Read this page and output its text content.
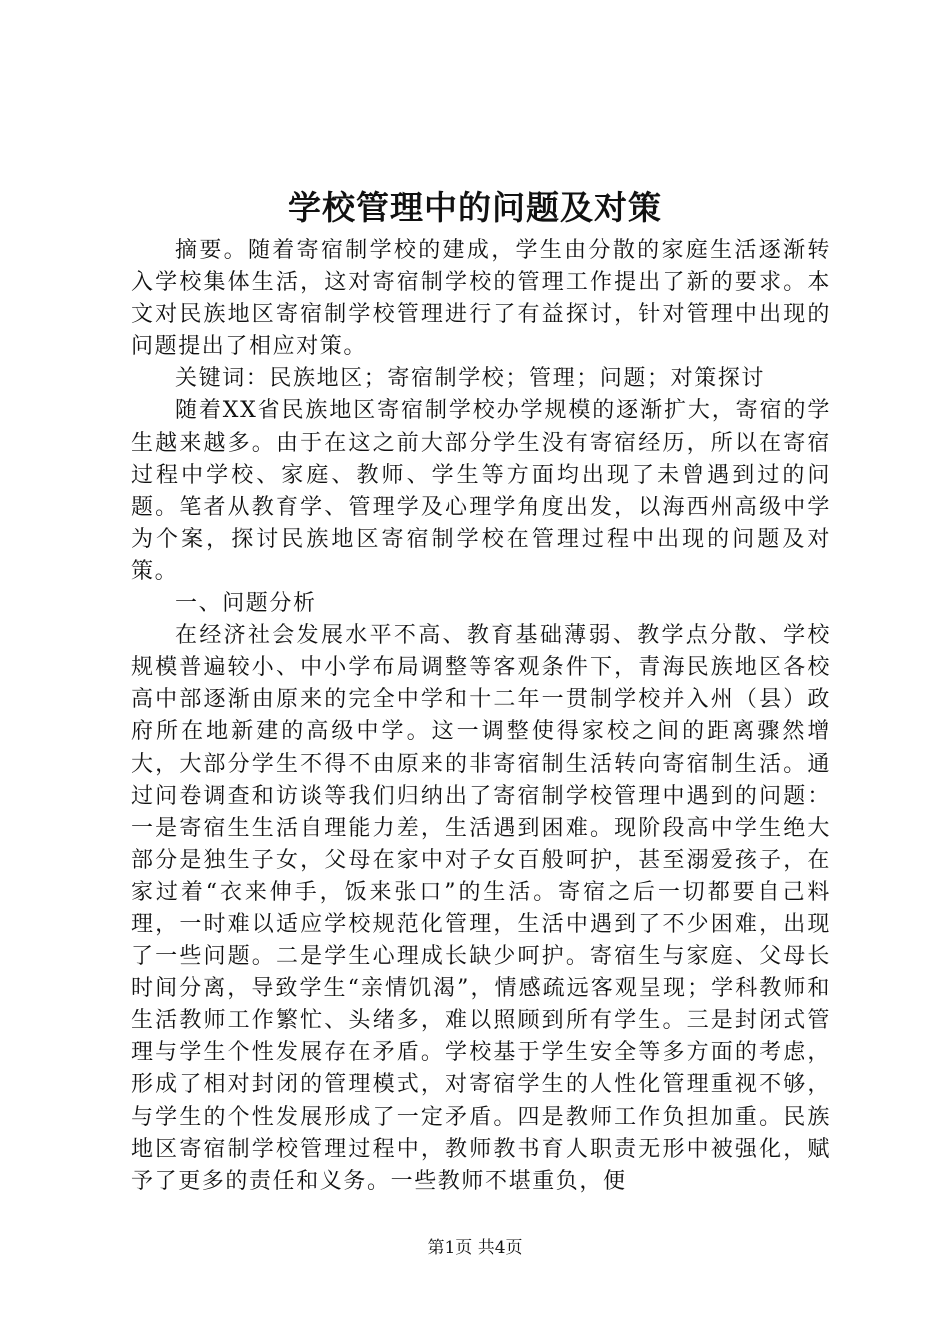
学校管理中的问题及对策

摘要。随着寄宿制学校的建成，学生由分散的家庭生活逐渐转入学校集体生活，这对寄宿制学校的管理工作提出了新的要求。本文对民族地区寄宿制学校管理进行了有益探讨，针对管理中出现的问题提出了相应对策。

关键词：民族地区；寄宿制学校；管理；问题；对策探讨

随着XX省民族地区寄宿制学校办学规模的逐渐扩大，寄宿的学生越来越多。由于在这之前大部分学生没有寄宿经历，所以在寄宿过程中学校、家庭、教师、学生等方面均出现了未曾遇到过的问题。笔者从教育学、管理学及心理学角度出发，以海西州高级中学为个案，探讨民族地区寄宿制学校在管理过程中出现的问题及对策。

一、问题分析

在经济社会发展水平不高、教育基础薄弱、教学点分散、学校规模普遍较小、中小学布局调整等客观条件下，青海民族地区各校高中部逐渐由原来的完全中学和十二年一贯制学校并入州（县）政府所在地新建的高级中学。这一调整使得家校之间的距离骤然增大，大部分学生不得不由原来的非寄宿制生活转向寄宿制生活。通过问卷调查和访谈等我们归纳出了寄宿制学校管理中遇到的问题：一是寄宿生生活自理能力差，生活遇到困难。现阶段高中学生绝大部分是独生子女，父母在家中对子女百般呵护，甚至溺爱孩子，在家过着“衣来伸手，饭来张口”的生活。寄宿之后一切都要自己料理，一时难以适应学校规范化管理，生活中遇到了不少困难，出现了一些问题。二是学生心理成长缺少呵护。寄宿生与家庭、父母长时间分离，导致学生“亲情饥渴”，情感疏远客观呈现；学科教师和生活教师工作繁忙、头绪多，难以照顾到所有学生。三是封闭式管理与学生个性发展存在矛盾。学校基于学生安全等多方面的考虑，形成了相对封闭的管理模式，对寄宿学生的人性化管理重视不够，与学生的个性发展形成了一定矛盾。四是教师工作负担加重。民族地区寄宿制学校管理过程中，教师教书育人职责无形中被强化，赋予了更多的责任和义务。一些教师不堪重负，便

第1页 共4页
